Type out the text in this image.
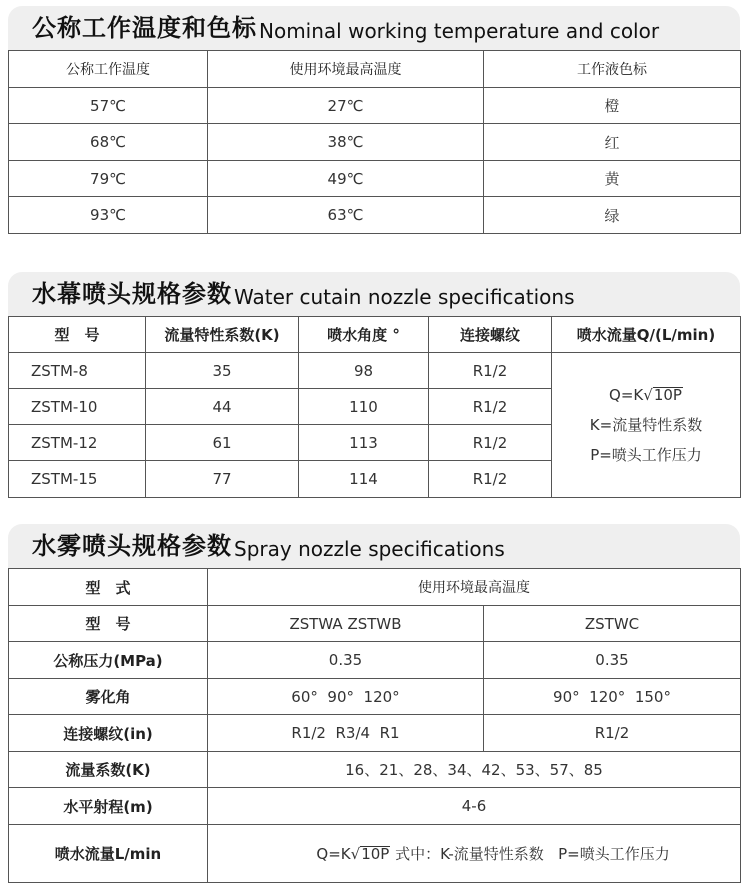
公称工作温度和色标 Nominal working temperature and color
公称工作温度	使用环境最高温度	工作液色标
57℃	27℃	橙
68℃	38℃	红
79℃	49℃	黄
93℃	63℃	绿
水幕喷头规格参数 Water cutain nozzle specifications
型　号	流量特性系数(K)	喷水角度 °	连接螺纹	喷水流量Q/(L/min)
ZSTM-8	35	98	R1/2	Q=K√10P
K=流量特性系数
P=喷头工作压力

ZSTM-10	44	110	R1/2	
ZSTM-12	61	113	R1/2	
ZSTM-15	77	114	R1/2	
水雾喷头规格参数 Spray nozzle specifications
型　式	使用环境最高温度	
型　号	ZSTWA ZSTWB	ZSTWC
公称压力(MPa)	0.35	0.35
雾化角	60°  90°  120°	90°  120°  150°
连接螺纹(in)	R1/2  R3/4  R1	R1/2
流量系数(K)	16、21、28、34、42、53、57、85	
水平射程(m)	4-6	
喷水流量L/min	Q=K√10P 式中：K-流量特性系数   P=喷头工作压力	
